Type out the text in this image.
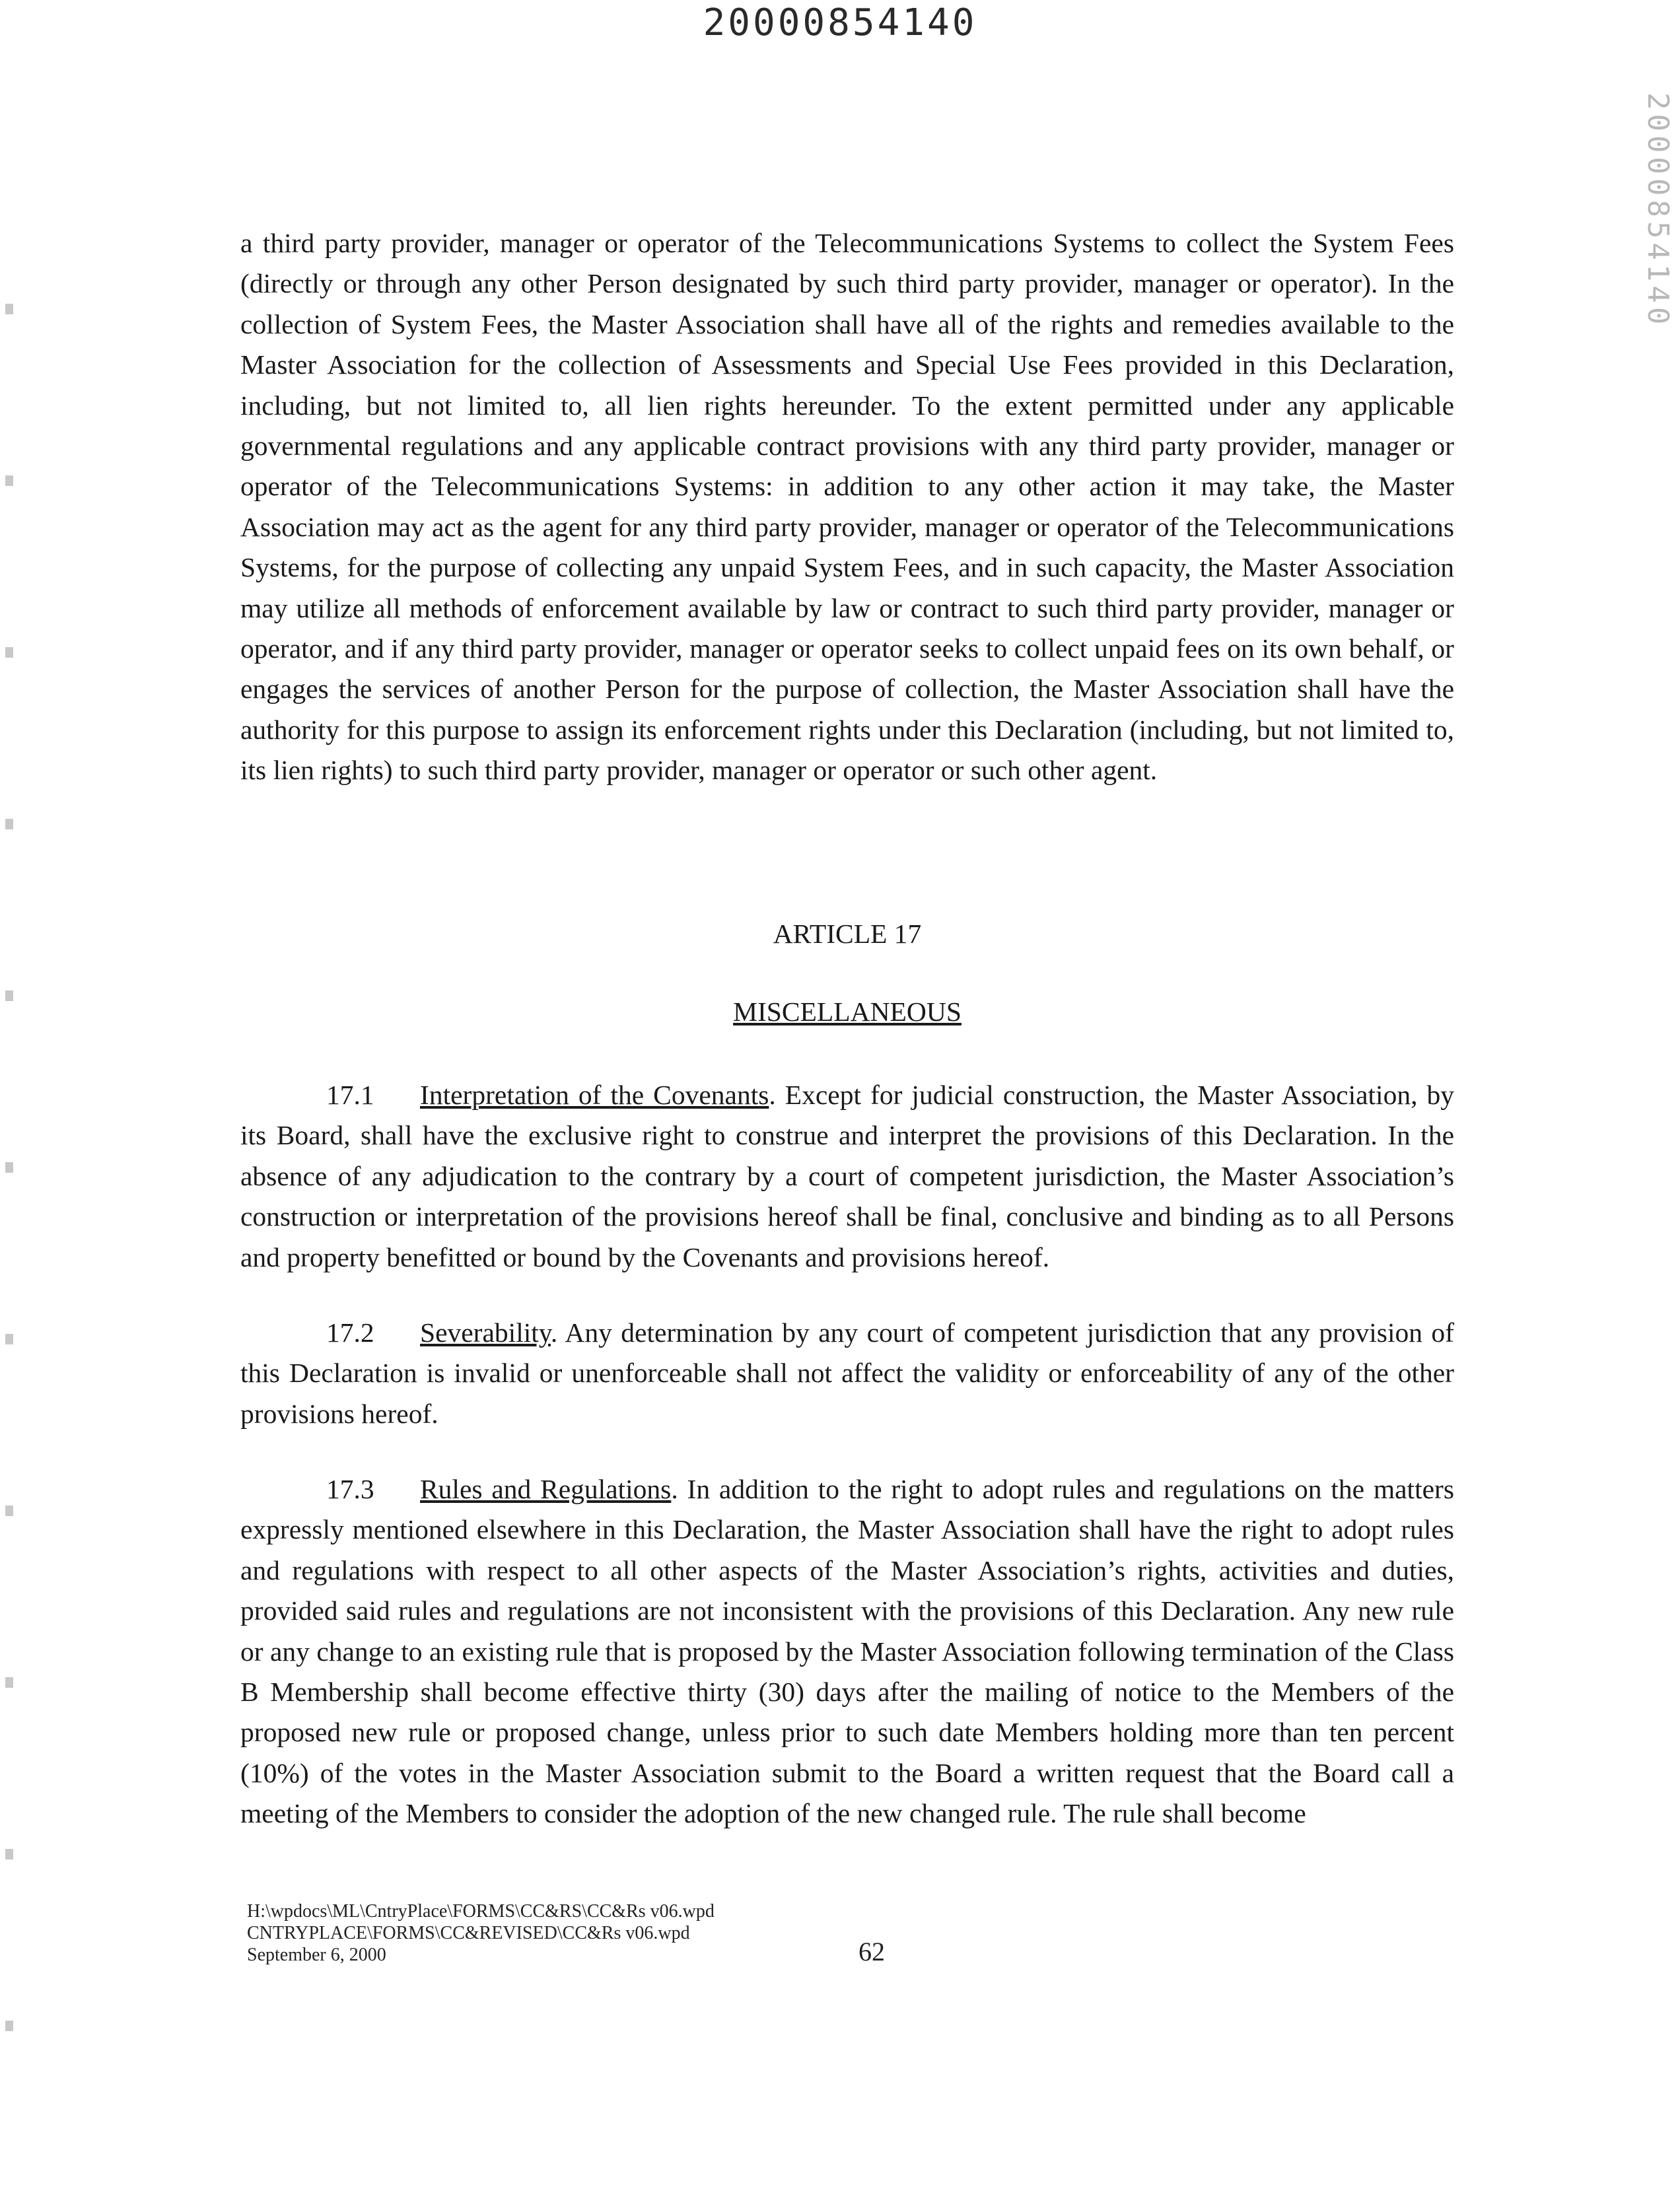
20000854140
20000854140

a third party provider, manager or operator of the Telecommunications Systems to collect the System Fees (directly or through any other Person designated by such third party provider, manager or operator). In the collection of System Fees, the Master Association shall have all of the rights and remedies available to the Master Association for the collection of Assessments and Special Use Fees provided in this Declaration, including, but not limited to, all lien rights hereunder. To the extent permitted under any applicable governmental regulations and any applicable contract provisions with any third party provider, manager or operator of the Telecommunications Systems: in addition to any other action it may take, the Master Association may act as the agent for any third party provider, manager or operator of the Telecommunications Systems, for the purpose of collecting any unpaid System Fees, and in such capacity, the Master Association may utilize all methods of enforcement available by law or contract to such third party provider, manager or operator, and if any third party provider, manager or operator seeks to collect unpaid fees on its own behalf, or engages the services of another Person for the purpose of collection, the Master Association shall have the authority for this purpose to assign its enforcement rights under this Declaration (including, but not limited to, its lien rights) to such third party provider, manager or operator or such other agent.

ARTICLE 17
MISCELLANEOUS

17.1 Interpretation of the Covenants. Except for judicial construction, the Master Association, by its Board, shall have the exclusive right to construe and interpret the provisions of this Declaration. In the absence of any adjudication to the contrary by a court of competent jurisdiction, the Master Association’s construction or interpretation of the provisions hereof shall be final, conclusive and binding as to all Persons and property benefitted or bound by the Covenants and provisions hereof.

17.2 Severability. Any determination by any court of competent jurisdiction that any provision of this Declaration is invalid or unenforceable shall not affect the validity or enforceability of any of the other provisions hereof.

17.3 Rules and Regulations. In addition to the right to adopt rules and regulations on the matters expressly mentioned elsewhere in this Declaration, the Master Association shall have the right to adopt rules and regulations with respect to all other aspects of the Master Association’s rights, activities and duties, provided said rules and regulations are not inconsistent with the provisions of this Declaration. Any new rule or any change to an existing rule that is proposed by the Master Association following termination of the Class B Membership shall become effective thirty (30) days after the mailing of notice to the Members of the proposed new rule or proposed change, unless prior to such date Members holding more than ten percent (10%) of the votes in the Master Association submit to the Board a written request that the Board call a meeting of the Members to consider the adoption of the new changed rule. The rule shall become

H:\wpdocs\ML\CntryPlace\FORMS\CC&RS\CC&Rs v06.wpd
CNTRYPLACE\FORMS\CC&REVISED\CC&Rs v06.wpd
September 6, 2000	62
